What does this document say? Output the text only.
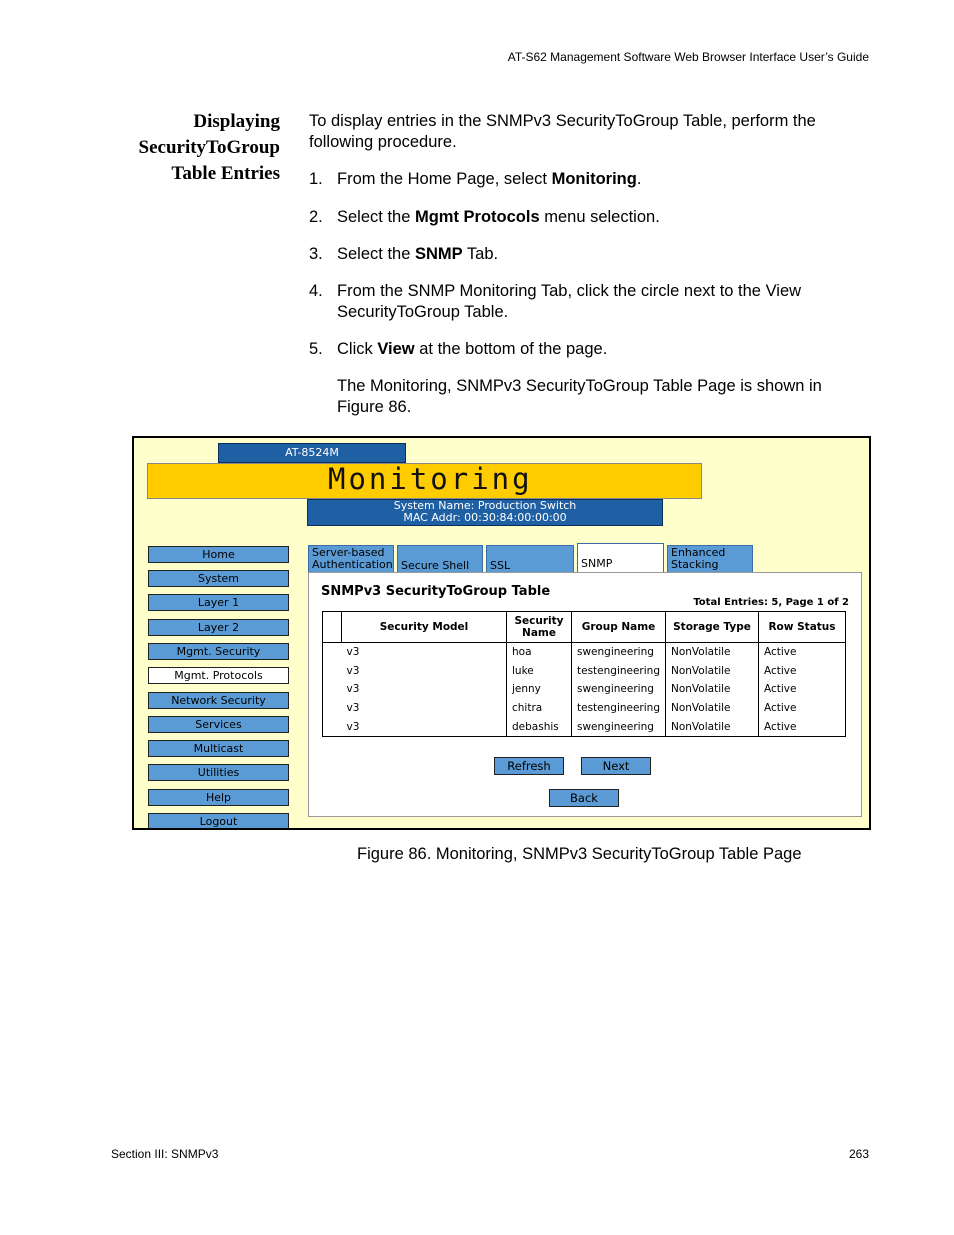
AT-S62 Management Software Web Browser Interface User’s Guide
Displaying
SecurityToGroup
Table Entries

To display entries in the SNMPv3 SecurityToGroup Table, perform the following procedure.

1. From the Home Page, select Monitoring.
2. Select the Mgmt Protocols menu selection.
3. Select the SNMP Tab.
4. From the SNMP Monitoring Tab, click the circle next to the View SecurityToGroup Table.
5. Click View at the bottom of the page.
The Monitoring, SNMPv3 SecurityToGroup Table Page is shown in Figure 86.
AT-8524M
Monitoring
System Name: Production Switch
MAC Addr: 00:30:84:00:00:00
Home
System
Layer 1
Layer 2
Mgmt. Security
Mgmt. Protocols
Network Security
Services
Multicast
Utilities
Help
Logout
Server-based Authentication Secure Shell	SSL	SNMP
Enhanced Stacking
SNMPv3 SecurityToGroup Table
Total Entries: 5, Page 1 of 2
	Security Model	Security Name	Group Name	Storage Type	Row Status
	v3	hoa	swengineering	NonVolatile	Active
	v3	luke	testengineering	NonVolatile	Active
	v3	jenny	swengineering	NonVolatile	Active
	v3	chitra	testengineering	NonVolatile	Active
	v3	debashis	swengineering	NonVolatile	Active
Refresh	Next
Back
Figure 86. Monitoring, SNMPv3 SecurityToGroup Table Page
Section III: SNMPv3	263
